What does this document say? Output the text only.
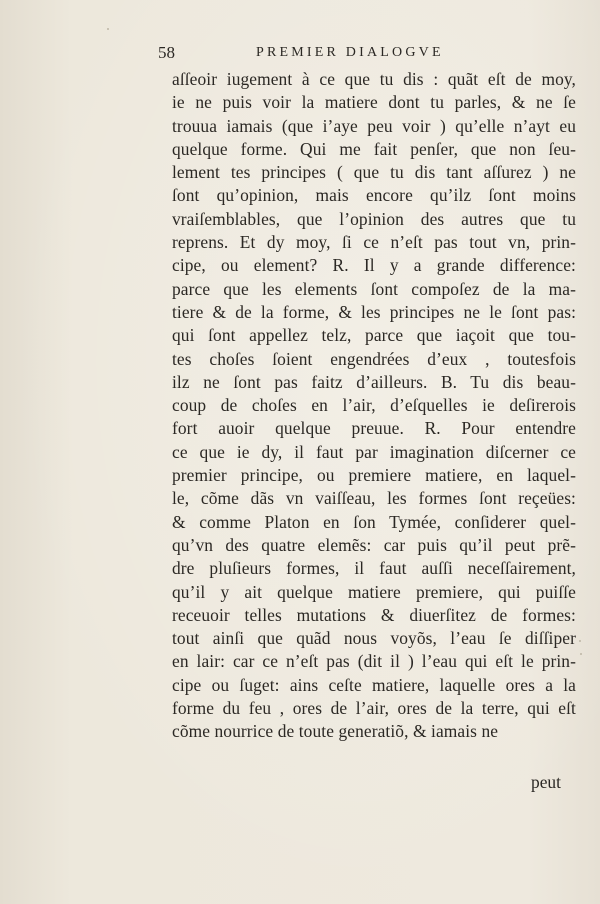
58	PREMIER DIALOGVE
aſſeoir iugement à ce que tu dis : quãt eſt de moy,
ie ne puis voir la matiere dont tu parles, & ne ſe
trouua iamais (que i’aye peu voir ) qu’elle n’ayt eu
quelque forme. Qui me fait penſer, que non ſeu-
lement tes principes ( que tu dis tant aſſurez ) ne
ſont qu’opinion, mais encore qu’ilz ſont moins
vraiſemblables, que l’opinion des autres que tu
reprens. Et dy moy, ſi ce n’eſt pas tout vn, prin-
cipe, ou element? R. Il y a grande difference:
parce que les elements ſont compoſez de la ma-
tiere & de la forme, & les principes ne le ſont pas:
qui ſont appellez telz, parce que iaçoit que tou-
tes choſes ſoient engendrées d’eux , toutesfois
ilz ne ſont pas faitz d’ailleurs. B. Tu dis beau-
coup de choſes en l’air, d’eſquelles ie deſirerois
fort auoir quelque preuue. R. Pour entendre
ce que ie dy, il faut par imagination diſcerner ce
premier principe, ou premiere matiere, en laquel-
le, cõme dãs vn vaiſſeau, les formes ſont reçeües:
& comme Platon en ſon Tymée, conſiderer quel-
qu’vn des quatre elemẽs: car puis qu’il peut prẽ-
dre pluſieurs formes, il faut auſſi neceſſairement,
qu’il y ait quelque matiere premiere, qui puiſſe
receuoir telles mutations & diuerſitez de formes:
tout ainſi que quãd nous voyõs, l’eau ſe diſſiper
en lair: car ce n’eſt pas (dit il ) l’eau qui eſt le prin-
cipe ou ſuget: ains ceſte matiere, laquelle ores a la
forme du feu , ores de l’air, ores de la terre, qui eſt
cõme nourrice de toute generatiõ, & iamais ne
peut
